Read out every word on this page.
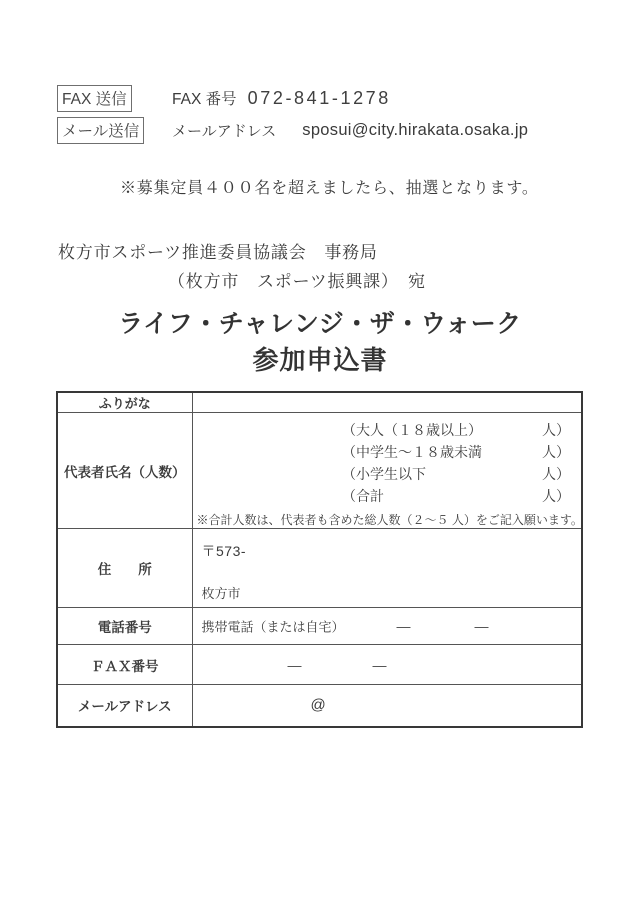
FAX 送信	FAX 番号 072-841-1278
メール送信	メールアドレス sposui@city.hirakata.osaka.jp
※募集定員４００名を超えましたら、抽選となります。
枚方市スポーツ推進委員協議会　事務局
（枚方市　スポーツ振興課）　宛
ライフ・チャレンジ・ザ・ウォーク
参加申込書
ふりがな	
代表者氏名（人数）	
（大人（１８歳以上）	人）
（中学生～１８歳未満	人）
（小学生以下	人）
（合計	人）
※合計人数は、代表者も含めた総人数（２～５ 人）をご記入願います。

住　　所	〒573-
枚方市

電話番号	携帯電話（または自宅） ― ―

ＦＡＸ番号	― ―

メールアドレス	@
